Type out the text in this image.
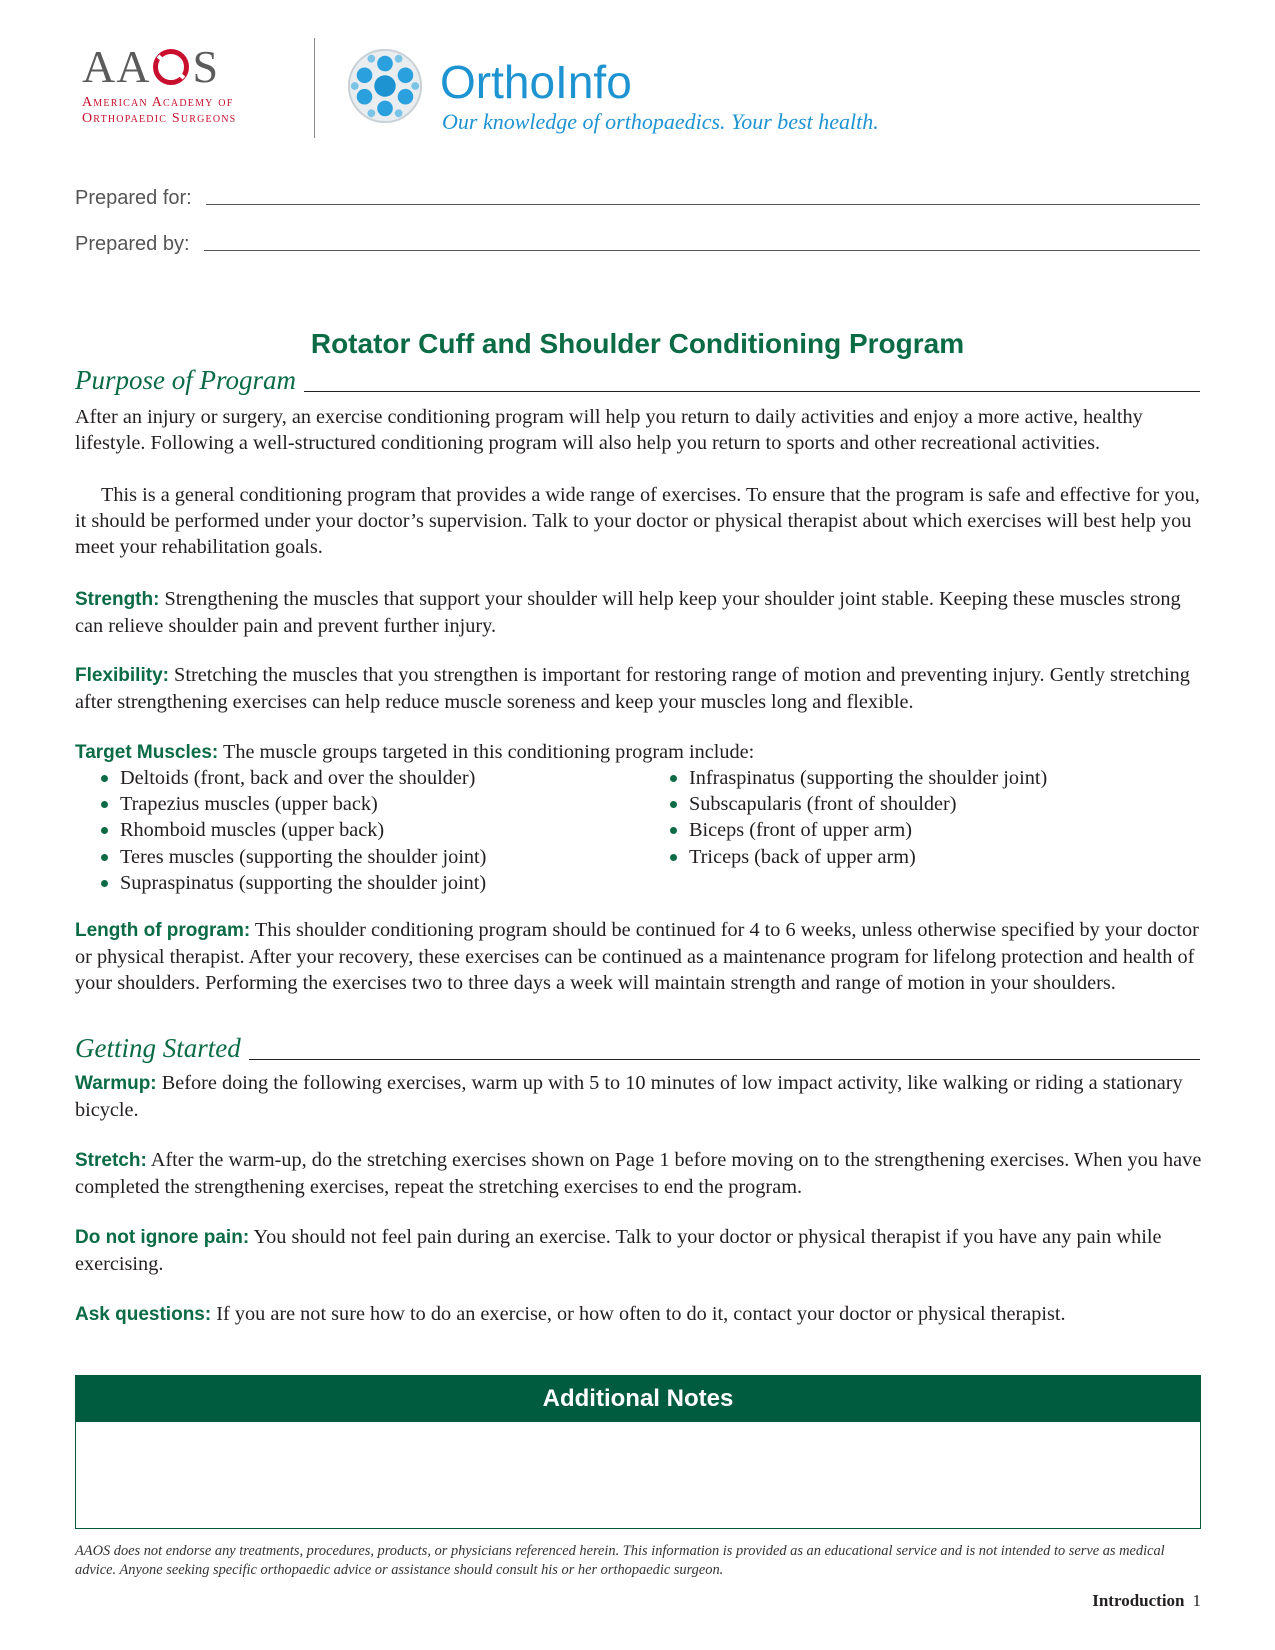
AA S
American Academy of
Orthopaedic Surgeons
OrthoInfo
Our knowledge of orthopaedics. Your best health.
Prepared for:
Prepared by:
Rotator Cuff and Shoulder Conditioning Program
Purpose of Program
After an injury or surgery, an exercise conditioning program will help you return to daily activities and enjoy a more active, healthy lifestyle. Following a well-structured conditioning program will also help you return to sports and other recreational activities.
This is a general conditioning program that provides a wide range of exercises. To ensure that the program is safe and effective for you, it should be performed under your doctor’s supervision. Talk to your doctor or physical therapist about which exercises will best help you meet your rehabilitation goals.
Strength: Strengthening the muscles that support your shoulder will help keep your shoulder joint stable. Keeping these muscles strong can relieve shoulder pain and prevent further injury.
Flexibility: Stretching the muscles that you strengthen is important for restoring range of motion and preventing injury. Gently stretching after strengthening exercises can help reduce muscle soreness and keep your muscles long and flexible.
Target Muscles: The muscle groups targeted in this conditioning program include:
Deltoids (front, back and over the shoulder)
Trapezius muscles (upper back)
Rhomboid muscles (upper back)
Teres muscles (supporting the shoulder joint)
Supraspinatus (supporting the shoulder joint)
Infraspinatus (supporting the shoulder joint)
Subscapularis (front of shoulder)
Biceps (front of upper arm)
Triceps (back of upper arm)
Length of program: This shoulder conditioning program should be continued for 4 to 6 weeks, unless otherwise specified by your doctor or physical therapist. After your recovery, these exercises can be continued as a maintenance program for lifelong protection and health of your shoulders. Performing the exercises two to three days a week will maintain strength and range of motion in your shoulders.
Getting Started
Warmup: Before doing the following exercises, warm up with 5 to 10 minutes of low impact activity, like walking or riding a stationary bicycle.
Stretch: After the warm-up, do the stretching exercises shown on Page 1 before moving on to the strengthening exercises. When you have completed the strengthening exercises, repeat the stretching exercises to end the program.
Do not ignore pain: You should not feel pain during an exercise. Talk to your doctor or physical therapist if you have any pain while exercising.
Ask questions: If you are not sure how to do an exercise, or how often to do it, contact your doctor or physical therapist.
Additional Notes
AAOS does not endorse any treatments, procedures, products, or physicians referenced herein. This information is provided as an educational service and is not intended to serve as medical advice. Anyone seeking specific orthopaedic advice or assistance should consult his or her orthopaedic surgeon.
Introduction 1
